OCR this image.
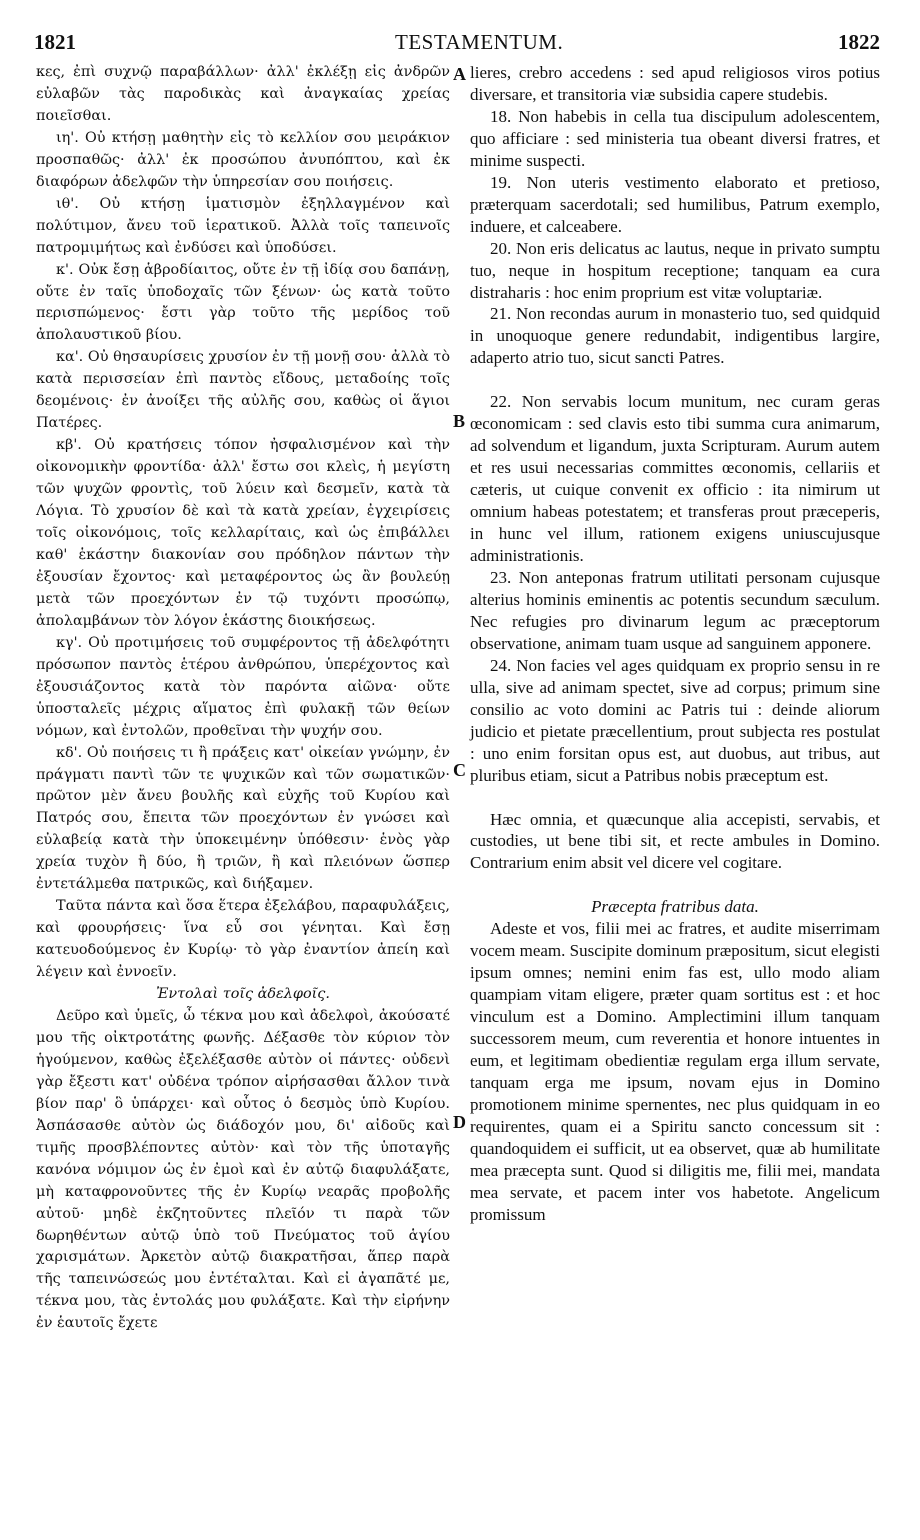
1821	TESTAMENTUM.	1822
A
B
C
D

κες, ἐπὶ συχνῷ παραβάλλων· ἀλλ' ἐκλέξῃ εἰς ἀνδρῶν εὐλαβῶν τὰς παροδικὰς καὶ ἀναγκαίας χρείας ποιεῖσθαι.

ιη'. Οὐ κτήσῃ μαθητὴν εἰς τὸ κελλίον σου μειράκιον προσπαθῶς· ἀλλ' ἐκ προσώπου ἀνυπόπτου, καὶ ἐκ διαφόρων ἀδελφῶν τὴν ὑπηρεσίαν σου ποιήσεις.

ιθ'. Οὐ κτήσῃ ἱματισμὸν ἐξηλλαγμένον καὶ πολύτιμον, ἄνευ τοῦ ἱερατικοῦ. Ἀλλὰ τοῖς ταπεινοῖς πατρομιμήτως καὶ ἐνδύσει καὶ ὑποδύσει.

κ'. Οὐκ ἔσῃ ἁβροδίαιτος, οὔτε ἐν τῇ ἰδίᾳ σου δαπάνῃ, οὔτε ἐν ταῖς ὑποδοχαῖς τῶν ξένων· ὡς κατὰ τοῦτο περισπώμενος· ἔστι γὰρ τοῦτο τῆς μερίδος τοῦ ἀπολαυστικοῦ βίου.

κα'. Οὐ θησαυρίσεις χρυσίον ἐν τῇ μονῇ σου· ἀλλὰ τὸ κατὰ περισσείαν ἐπὶ παντὸς εἴδους, μεταδοίης τοῖς δεομένοις· ἐν ἀνοίξει τῆς αὐλῆς σου, καθὼς οἱ ἅγιοι Πατέρες.

κβ'. Οὐ κρατήσεις τόπον ἠσφαλισμένον καὶ τὴν οἰκονομικὴν φροντίδα· ἀλλ' ἔστω σοι κλεὶς, ἡ μεγίστη τῶν ψυχῶν φροντὶς, τοῦ λύειν καὶ δεσμεῖν, κατὰ τὰ Λόγια. Τὸ χρυσίον δὲ καὶ τὰ κατὰ χρείαν, ἐγχειρίσεις τοῖς οἰκονόμοις, τοῖς κελλαρίταις, καὶ ὡς ἐπιβάλλει καθ' ἑκάστην διακονίαν σου πρόδηλον πάντων τὴν ἐξουσίαν ἔχοντος· καὶ μεταφέροντος ὡς ἂν βουλεύῃ μετὰ τῶν προεχόντων ἐν τῷ τυχόντι προσώπῳ, ἀπολαμβάνων τὸν λόγον ἑκάστης διοικήσεως.

κγ'. Οὐ προτιμήσεις τοῦ συμφέροντος τῇ ἀδελφότητι πρόσωπον παντὸς ἑτέρου ἀνθρώπου, ὑπερέχοντος καὶ ἐξουσιάζοντος κατὰ τὸν παρόντα αἰῶνα· οὔτε ὑποσταλεῖς μέχρις αἵματος ἐπὶ φυλακῇ τῶν θείων νόμων, καὶ ἐντολῶν, προθεῖναι τὴν ψυχήν σου.

κδ'. Οὐ ποιήσεις τι ἢ πράξεις κατ' οἰκείαν γνώμην, ἐν πράγματι παντὶ τῶν τε ψυχικῶν καὶ τῶν σωματικῶν· πρῶτον μὲν ἄνευ βουλῆς καὶ εὐχῆς τοῦ Κυρίου καὶ Πατρός σου, ἔπειτα τῶν προεχόντων ἐν γνώσει καὶ εὐλαβείᾳ κατὰ τὴν ὑποκειμένην ὑπόθεσιν· ἑνὸς γὰρ χρεία τυχὸν ἢ δύο, ἢ τριῶν, ἢ καὶ πλειόνων ὥσπερ ἐντετάλμεθα πατρικῶς, καὶ διήξαμεν.

Ταῦτα πάντα καὶ ὅσα ἕτερα ἐξελάβου, παραφυλάξεις, καὶ φρουρήσεις· ἵνα εὖ σοι γένηται. Καὶ ἔσῃ κατευοδούμενος ἐν Κυρίῳ· τὸ γὰρ ἐναντίον ἀπείη καὶ λέγειν καὶ ἐννοεῖν.

Ἐντολαὶ τοῖς ἀδελφοῖς.

Δεῦρο καὶ ὑμεῖς, ὦ τέκνα μου καὶ ἀδελφοὶ, ἀκούσατέ μου τῆς οἰκτροτάτης φωνῆς. Δέξασθε τὸν κύριον τὸν ἡγούμενον, καθὼς ἐξελέξασθε αὐτὸν οἱ πάντες· οὐδενὶ γὰρ ἔξεστι κατ' οὐδένα τρόπον αἱρήσασθαι ἄλλον τινὰ βίον παρ' ὃ ὑπάρχει· καὶ οὗτος ὁ δεσμὸς ὑπὸ Κυρίου. Ἀσπάσασθε αὐτὸν ὡς διάδοχόν μου, δι' αἰδοῦς καὶ τιμῆς προσβλέποντες αὐτὸν· καὶ τὸν τῆς ὑποταγῆς κανόνα νόμιμον ὡς ἐν ἐμοὶ καὶ ἐν αὐτῷ διαφυλάξατε, μὴ καταφρονοῦντες τῆς ἐν Κυρίῳ νεαρᾶς προβολῆς αὐτοῦ· μηδὲ ἐκζητοῦντες πλεῖόν τι παρὰ τῶν δωρηθέντων αὐτῷ ὑπὸ τοῦ Πνεύματος τοῦ ἁγίου χαρισμάτων. Ἀρκετὸν αὐτῷ διακρατῆσαι, ἅπερ παρὰ τῆς ταπεινώσεώς μου ἐντέταλται. Καὶ εἰ ἀγαπᾶτέ με, τέκνα μου, τὰς ἐντολάς μου φυλάξατε. Καὶ τὴν εἰρήνην ἐν ἑαυτοῖς ἔχετε

lieres, crebro accedens : sed apud religiosos viros potius diversare, et transitoria viæ subsidia capere studebis.

18. Non habebis in cella tua discipulum adolescentem, quo afficiare : sed ministeria tua obeant diversi fratres, et minime suspecti.

19. Non uteris vestimento elaborato et pretioso, præterquam sacerdotali; sed humilibus, Patrum exemplo, induere, et calceabere.

20. Non eris delicatus ac lautus, neque in privato sumptu tuo, neque in hospitum receptione; tanquam ea cura distraharis : hoc enim proprium est vitæ voluptariæ.

21. Non recondas aurum in monasterio tuo, sed quidquid in unoquoque genere redundabit, indigentibus largire, adaperto atrio tuo, sicut sancti Patres.

22. Non servabis locum munitum, nec curam geras œconomicam : sed clavis esto tibi summa cura animarum, ad solvendum et ligandum, juxta Scripturam. Aurum autem et res usui necessarias committes œconomis, cellariis et cæteris, ut cuique convenit ex officio : ita nimirum ut omnium habeas potestatem; et transferas prout præceperis, in hunc vel illum, rationem exigens uniuscujusque administrationis.

23. Non anteponas fratrum utilitati personam cujusque alterius hominis eminentis ac potentis secundum sæculum. Nec refugies pro divinarum legum ac præceptorum observatione, animam tuam usque ad sanguinem apponere.

24. Non facies vel ages quidquam ex proprio sensu in re ulla, sive ad animam spectet, sive ad corpus; primum sine consilio ac voto domini ac Patris tui : deinde aliorum judicio et pietate præcellentium, prout subjecta res postulat : uno enim forsitan opus est, aut duobus, aut tribus, aut pluribus etiam, sicut a Patribus nobis præceptum est.

Hæc omnia, et quæcunque alia accepisti, servabis, et custodies, ut bene tibi sit, et recte ambules in Domino. Contrarium enim absit vel dicere vel cogitare.

Præcepta fratribus data.

Adeste et vos, filii mei ac fratres, et audite miserrimam vocem meam. Suscipite dominum præpositum, sicut elegisti ipsum omnes; nemini enim fas est, ullo modo aliam quampiam vitam eligere, præter quam sortitus est : et hoc vinculum est a Domino. Amplectimini illum tanquam successorem meum, cum reverentia et honore intuentes in eum, et legitimam obedientiæ regulam erga illum servate, tanquam erga me ipsum, novam ejus in Domino promotionem minime spernentes, nec plus quidquam in eo requirentes, quam ei a Spiritu sancto concessum sit : quandoquidem ei sufficit, ut ea observet, quæ ab humilitate mea præcepta sunt. Quod si diligitis me, filii mei, mandata mea servate, et pacem inter vos habetote. Angelicum promissum
